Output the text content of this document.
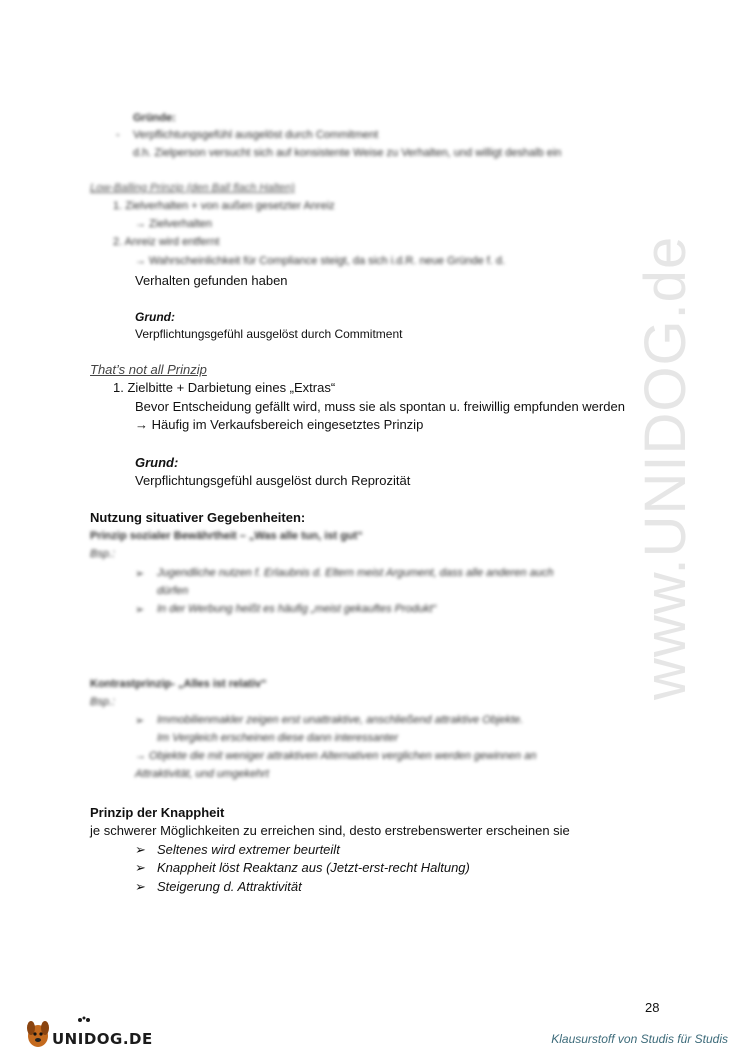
www.UNIDOG.de
Gründe:
- Verpflichtungsgefühl ausgelöst durch Commitment
d.h. Zielperson versucht sich auf konsistente Weise zu Verhalten, und willigt deshalb ein
Low-Balling Prinzip (den Ball flach Halten)
1. Zielverhalten + von außen gesetzter Anreiz
→ Zielverhalten
2. Anreiz wird entfernt
→ Wahrscheinlichkeit für Compliance steigt, da sich i.d.R. neue Gründe f. d.
Verhalten gefunden haben
Grund:
Verpflichtungsgefühl ausgelöst durch Commitment
That’s not all Prinzip
1. Zielbitte + Darbietung eines „Extras“
Bevor Entscheidung gefällt wird, muss sie als spontan u. freiwillig empfunden werden
→ Häufig im Verkaufsbereich eingesetztes Prinzip
Grund:
Verpflichtungsgefühl ausgelöst durch Reprozität
Nutzung situativer Gegebenheiten:
Prinzip sozialer Bewährtheit – „Was alle tun, ist gut“
Bsp.:
➢ Jugendliche nutzen f. Erlaubnis d. Eltern meist Argument, dass alle anderen auch
dürfen
➢ In der Werbung heißt es häufig „meist gekauftes Produkt“
Kontrastprinzip- „Alles ist relativ“
Bsp.:
➢ Immobilienmakler zeigen erst unattraktive, anschließend attraktive Objekte.
Im Vergleich erscheinen diese dann interessanter
→ Objekte die mit weniger attraktiven Alternativen verglichen werden gewinnen an
Attraktivität, und umgekehrt
Prinzip der Knappheit
je schwerer Möglichkeiten zu erreichen sind, desto erstrebenswerter erscheinen sie
➢ Seltenes wird extremer beurteilt
➢ Knappheit löst Reaktanz aus (Jetzt-erst-recht Haltung)
➢ Steigerung d. Attraktivität
28
UNIDOG.DE	Klausurstoff von Studis für Studis
